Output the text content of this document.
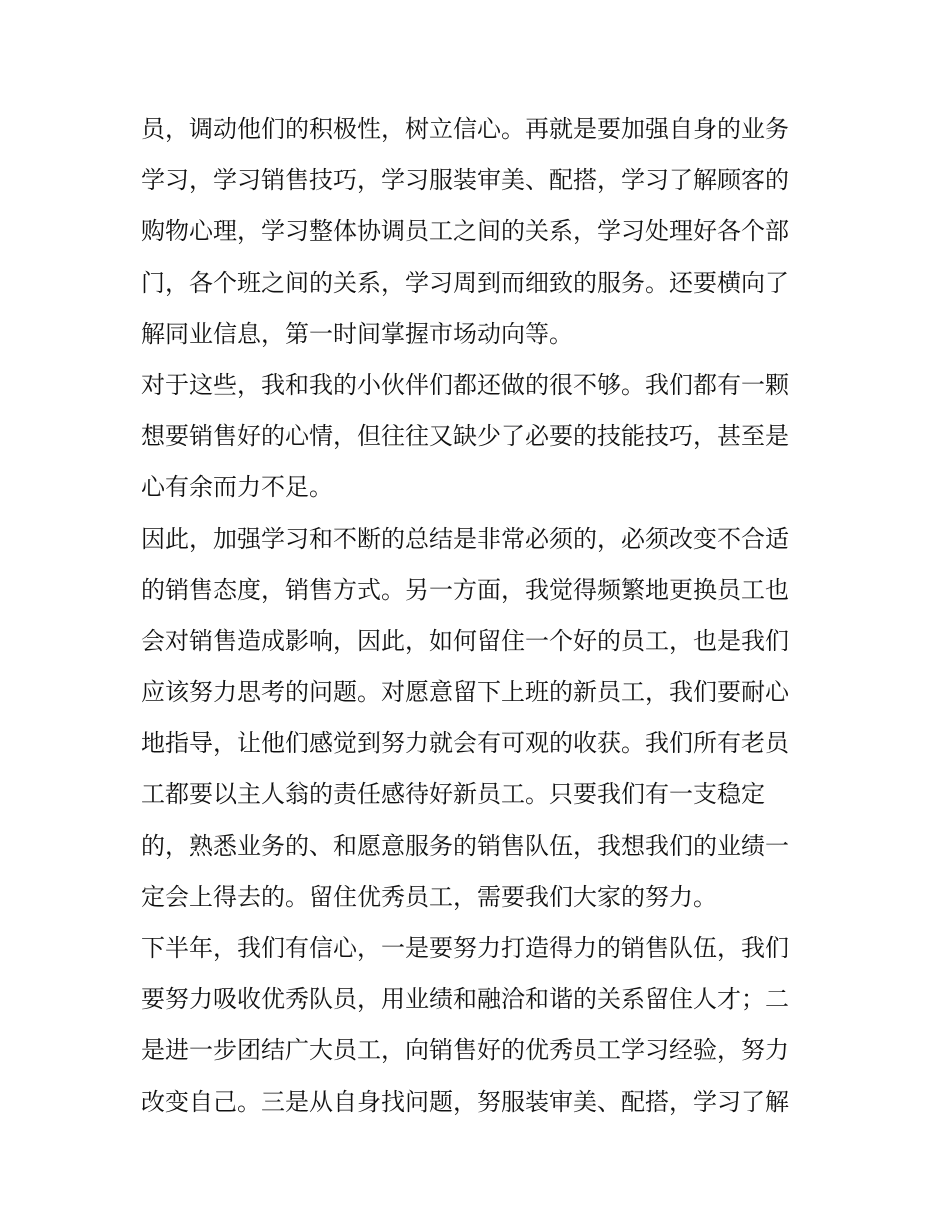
员，调动他们的积极性，树立信心。再就是要加强自身的业务
学习，学习销售技巧，学习服装审美、配搭，学习了解顾客的
购物心理，学习整体协调员工之间的关系，学习处理好各个部
门，各个班之间的关系，学习周到而细致的服务。还要横向了
解同业信息，第一时间掌握市场动向等。
对于这些，我和我的小伙伴们都还做的很不够。我们都有一颗
想要销售好的心情，但往往又缺少了必要的技能技巧，甚至是
心有余而力不足。
因此，加强学习和不断的总结是非常必须的，必须改变不合适
的销售态度，销售方式。另一方面，我觉得频繁地更换员工也
会对销售造成影响，因此，如何留住一个好的员工，也是我们
应该努力思考的问题。对愿意留下上班的新员工，我们要耐心
地指导，让他们感觉到努力就会有可观的收获。我们所有老员
工都要以主人翁的责任感待好新员工。只要我们有一支稳定
的，熟悉业务的、和愿意服务的销售队伍，我想我们的业绩一
定会上得去的。留住优秀员工，需要我们大家的努力。
下半年，我们有信心，一是要努力打造得力的销售队伍，我们
要努力吸收优秀队员，用业绩和融洽和谐的关系留住人才；二
是进一步团结广大员工，向销售好的优秀员工学习经验，努力
改变自己。三是从自身找问题，努服装审美、配搭，学习了解
